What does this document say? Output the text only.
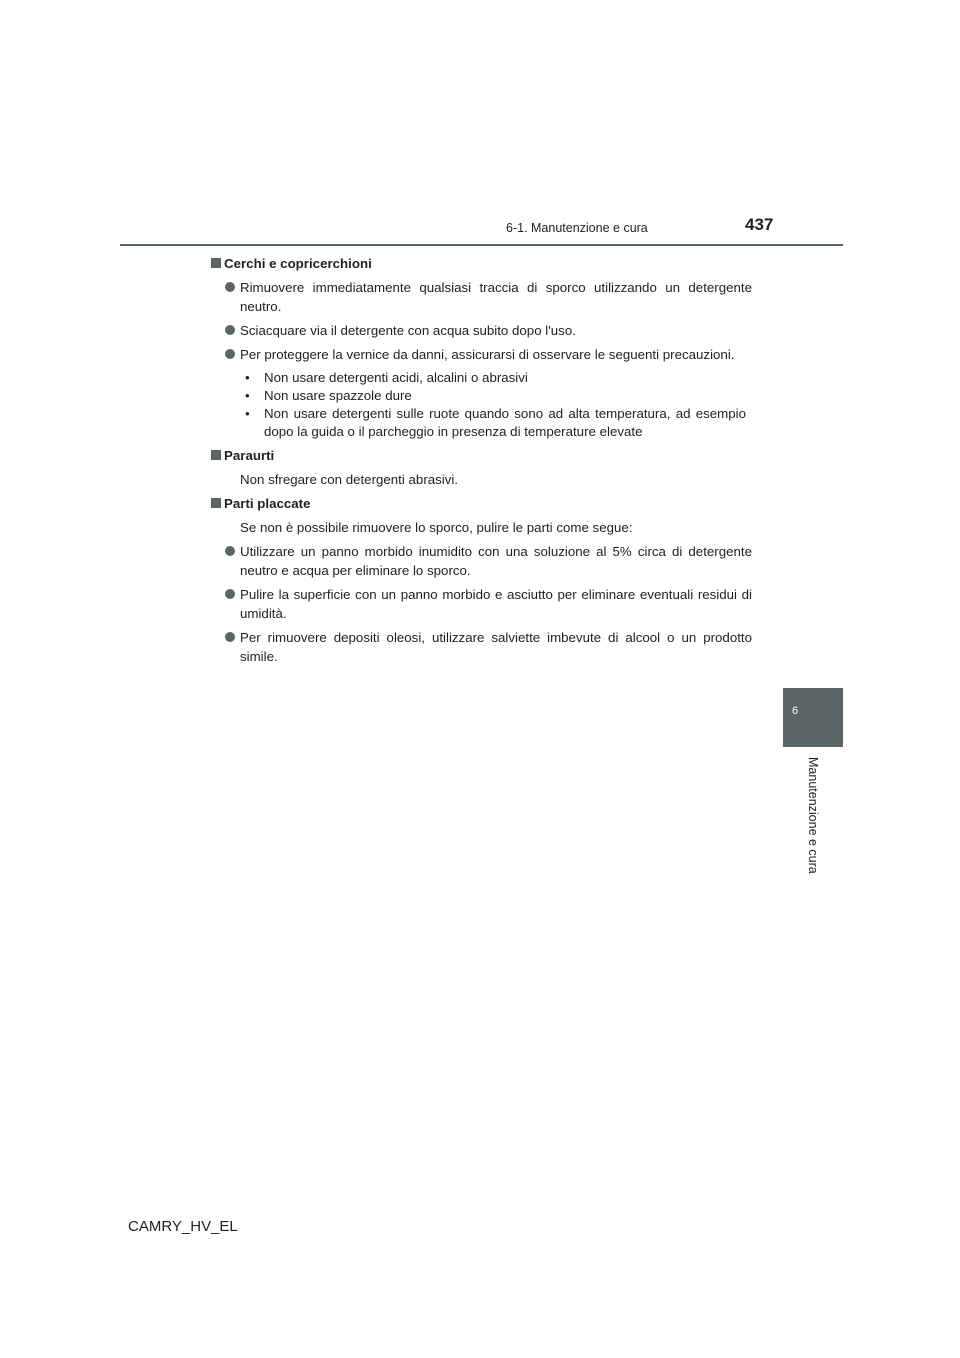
6-1. Manutenzione e cura	437
6
Manutenzione e cura
Cerchi e copricerchioni
Rimuovere immediatamente qualsiasi traccia di sporco utilizzando un detergente neutro.
Sciacquare via il detergente con acqua subito dopo l'uso.
Per proteggere la vernice da danni, assicurarsi di osservare le seguenti precauzioni.
• Non usare detergenti acidi, alcalini o abrasivi
• Non usare spazzole dure
• Non usare detergenti sulle ruote quando sono ad alta temperatura, ad esempio dopo la guida o il parcheggio in presenza di temperature elevate
Paraurti
Non sfregare con detergenti abrasivi.
Parti placcate
Se non è possibile rimuovere lo sporco, pulire le parti come segue:
Utilizzare un panno morbido inumidito con una soluzione al 5% circa di detergente neutro e acqua per eliminare lo sporco.
Pulire la superficie con un panno morbido e asciutto per eliminare eventuali residui di umidità.
Per rimuovere depositi oleosi, utilizzare salviette imbevute di alcool o un prodotto simile.
CAMRY_HV_EL
